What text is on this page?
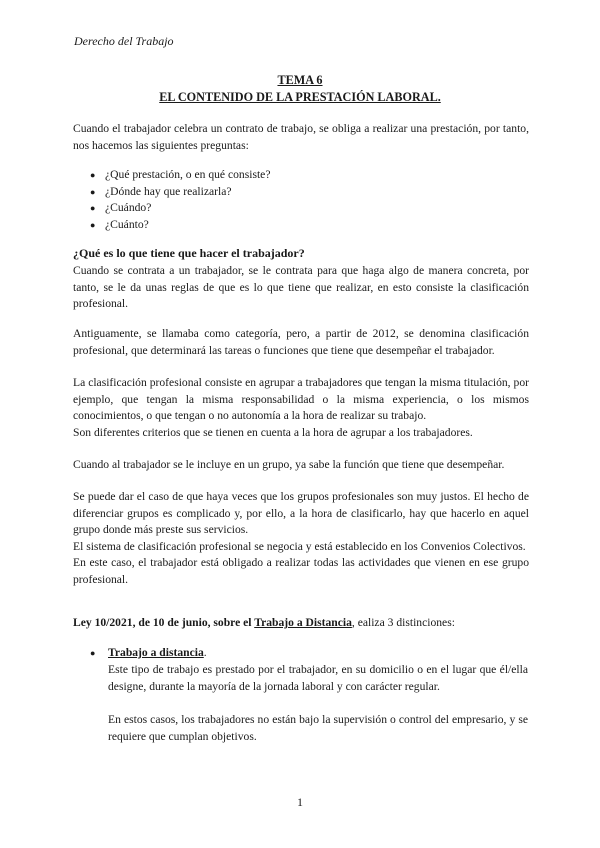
Derecho del Trabajo
TEMA 6
EL CONTENIDO DE LA PRESTACIÓN LABORAL.

Cuando el trabajador celebra un contrato de trabajo, se obliga a realizar una prestación, por tanto, nos hacemos las siguientes preguntas:

● ¿Qué prestación, o en qué consiste?
● ¿Dónde hay que realizarla?
● ¿Cuándo?
● ¿Cuánto?
¿Qué es lo que tiene que hacer el trabajador?

Cuando se contrata a un trabajador, se le contrata para que haga algo de manera concreta, por tanto, se le da unas reglas de que es lo que tiene que realizar, en esto consiste la clasificación profesional.

Antiguamente, se llamaba como categoría, pero, a partir de 2012, se denomina clasificación profesional, que determinará las tareas o funciones que tiene que desempeñar el trabajador.

La clasificación profesional consiste en agrupar a trabajadores que tengan la misma titulación, por ejemplo, que tengan la misma responsabilidad o la misma experiencia, o los mismos conocimientos, o que tengan o no autonomía a la hora de realizar su trabajo.

Son diferentes criterios que se tienen en cuenta a la hora de agrupar a los trabajadores.

Cuando al trabajador se le incluye en un grupo, ya sabe la función que tiene que desempeñar.

Se puede dar el caso de que haya veces que los grupos profesionales son muy justos. El hecho de diferenciar grupos es complicado y, por ello, a la hora de clasificarlo, hay que hacerlo en aquel grupo donde más preste sus servicios.

El sistema de clasificación profesional se negocia y está establecido en los Convenios Colectivos.

En este caso, el trabajador está obligado a realizar todas las actividades que vienen en ese grupo profesional.

Ley 10/2021, de 10 de junio, sobre el Trabajo a Distancia, ealiza 3 distinciones:

● Trabajo a distancia.

Este tipo de trabajo es prestado por el trabajador, en su domicilio o en el lugar que él/ella designe, durante la mayoría de la jornada laboral y con carácter regular.

En estos casos, los trabajadores no están bajo la supervisión o control del empresario, y se requiere que cumplan objetivos.

1
